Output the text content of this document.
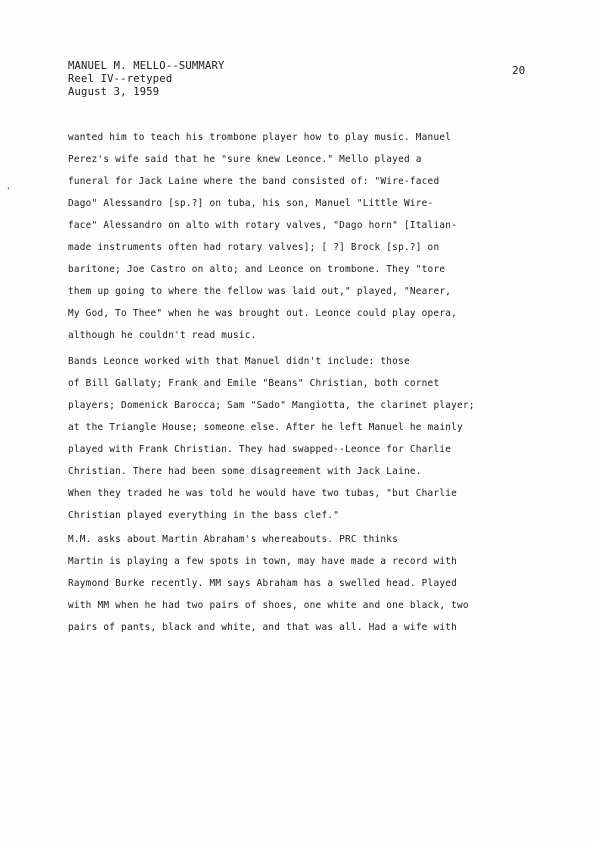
MANUEL M. MELLO--SUMMARY
Reel IV--retyped
August 3, 1959
20
‘
wanted him to teach his trombone player how to play music. Manuel
Perez's wife said that he "sure knew Leonce." Mello played a
funeral for Jack Laine where the band consisted of: "Wire-faced
Dago" Alessandro [sp.?] on tuba, his son, Manuel "Little Wire-
face" Alessandro on alto with rotary valves, "Dago horn" [Italian-
made instruments often had rotary valves]; [ ?] Brock [sp.?] on
baritone; Joe Castro on alto; and Leonce on trombone. They "tore
them up going to where the fellow was laid out," played, "Nearer,
My God, To Thee" when he was brought out. Leonce could play opera,
although he couldn't read music.
Bands Leonce worked with that Manuel didn't include: those
of Bill Gallaty; Frank and Emile "Beans" Christian, both cornet
players; Domenick Barocca; Sam "Sado" Mangiotta, the clarinet player;
at the Triangle House; someone else. After he left Manuel he mainly
played with Frank Christian. They had swapped--Leonce for Charlie
Christian. There had been some disagreement with Jack Laine.
When they traded he was told he would have two tubas, "but Charlie
Christian played everything in the bass clef."
M.M. asks about Martin Abraham's whereabouts. PRC thinks
Martin is playing a few spots in town, may have made a record with
Raymond Burke recently. MM says Abraham has a swelled head. Played
with MM when he had two pairs of shoes, one white and one black, two
pairs of pants, black and white, and that was all. Had a wife with
